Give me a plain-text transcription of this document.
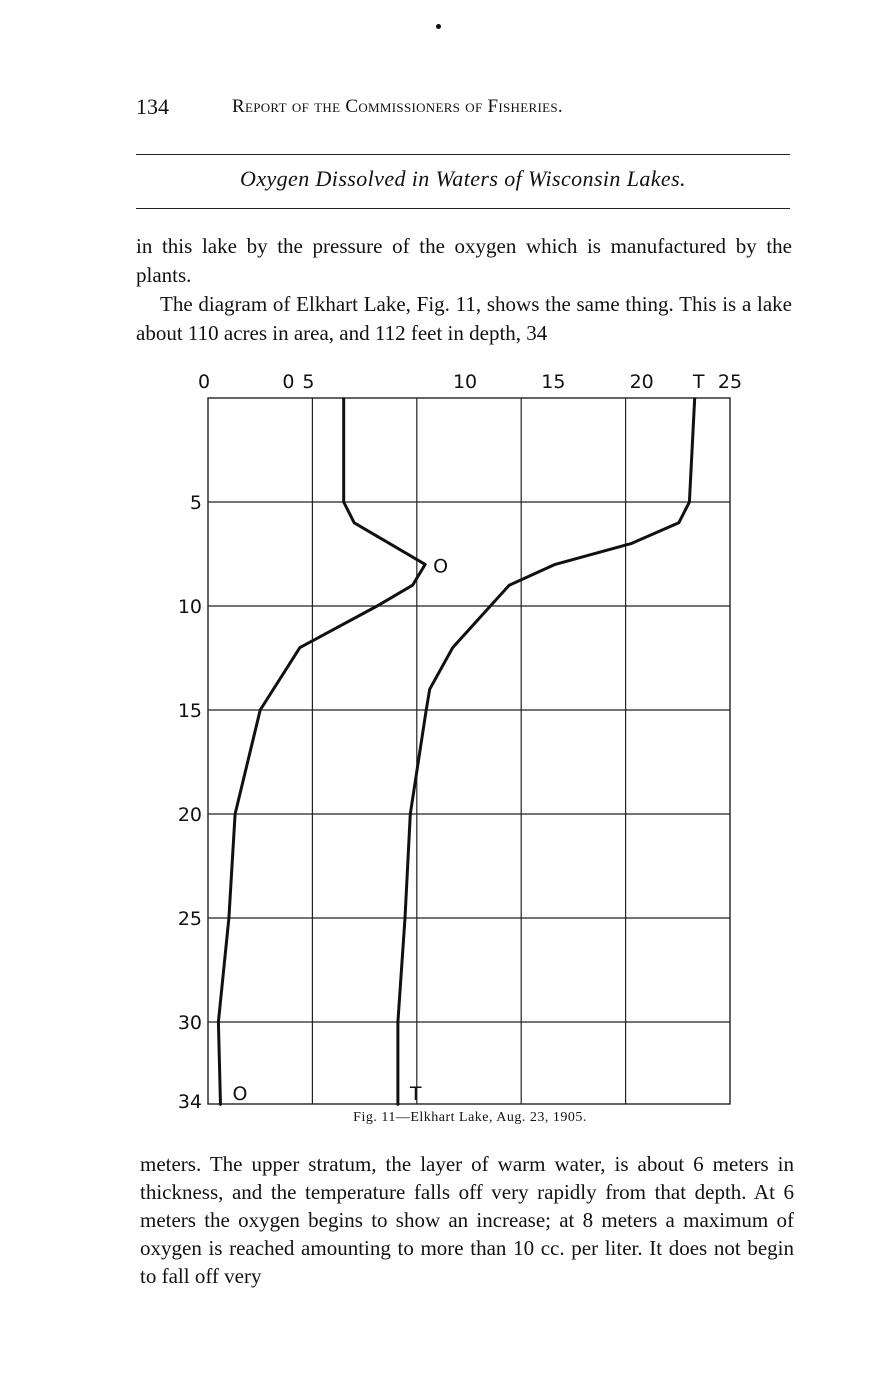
134	Report of the Commissioners of Fisheries.
Oxygen Dissolved in Waters of Wisconsin Lakes.

in this lake by the pressure of the oxygen which is manufactured by the plants.

The diagram of Elkhart Lake, Fig. 11, shows the same thing. This is a lake about 110 acres in area, and 112 feet in depth, 34

0	5
0	10	15	20	25
5
10
15
20
25
30
34 O
O
T
T
Fig. 11—Elkhart Lake, Aug. 23, 1905.

meters. The upper stratum, the layer of warm water, is about 6 meters in thickness, and the temperature falls off very rapidly from that depth. At 6 meters the oxygen begins to show an increase; at 8 meters a maximum of oxygen is reached amounting to more than 10 cc. per liter. It does not begin to fall off very
